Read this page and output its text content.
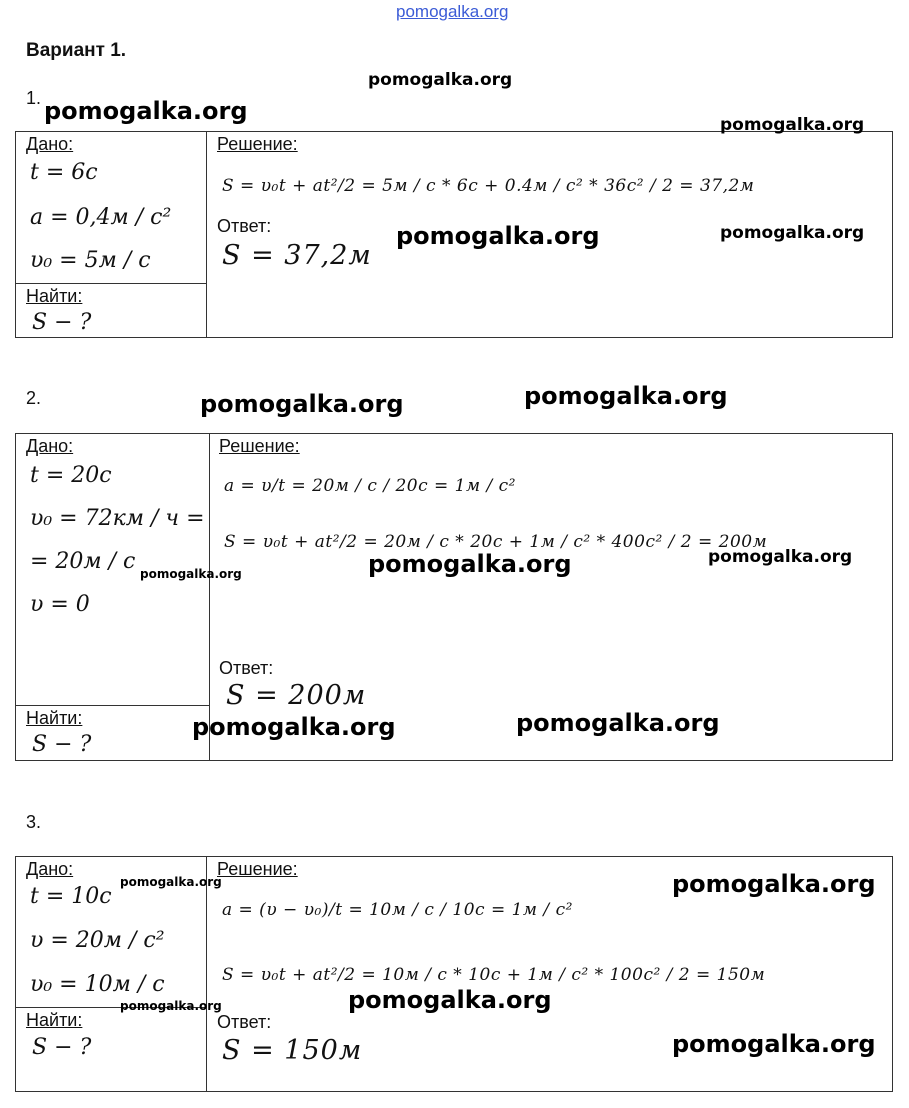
pomogalka.org
Вариант 1.
1.
Дано:
t = 6c
a = 0,4м / c²
υ₀ = 5м / c
Найти:
S − ?
Решение:
S = υ₀t + at²/2 = 5м / c * 6c + 0.4м / c² * 36c² / 2 = 37,2м
Ответ:
S = 37,2м
2.
Дано:
t = 20c
υ₀ = 72км / ч =
= 20м / c
υ = 0
Найти:
S − ?
Решение:
a = υ/t = 20м / c / 20c = 1м / c²
S = υ₀t + at²/2 = 20м / c * 20c + 1м / c² * 400c² / 2 = 200м
Ответ:
S = 200м
3.
Дано:
t = 10c
υ = 20м / c²
υ₀ = 10м / c
Найти:
S − ?
Решение:
a = (υ − υ₀)/t = 10м / c / 10c = 1м / c²
S = υ₀t + at²/2 = 10м / c * 10c + 1м / c² * 100c² / 2 = 150м
Ответ:
S = 150м
pomogalka.org
pomogalka.org	pomogalka.org
pomogalka.org
pomogalka.org
pomogalka.org	pomogalka.org
pomogalka.org	pomogalka.org	pomogalka.org
pomogalka.org	pomogalka.org
pomogalka.org	pomogalka.org
pomogalka.org	pomogalka.org
pomogalka.org
